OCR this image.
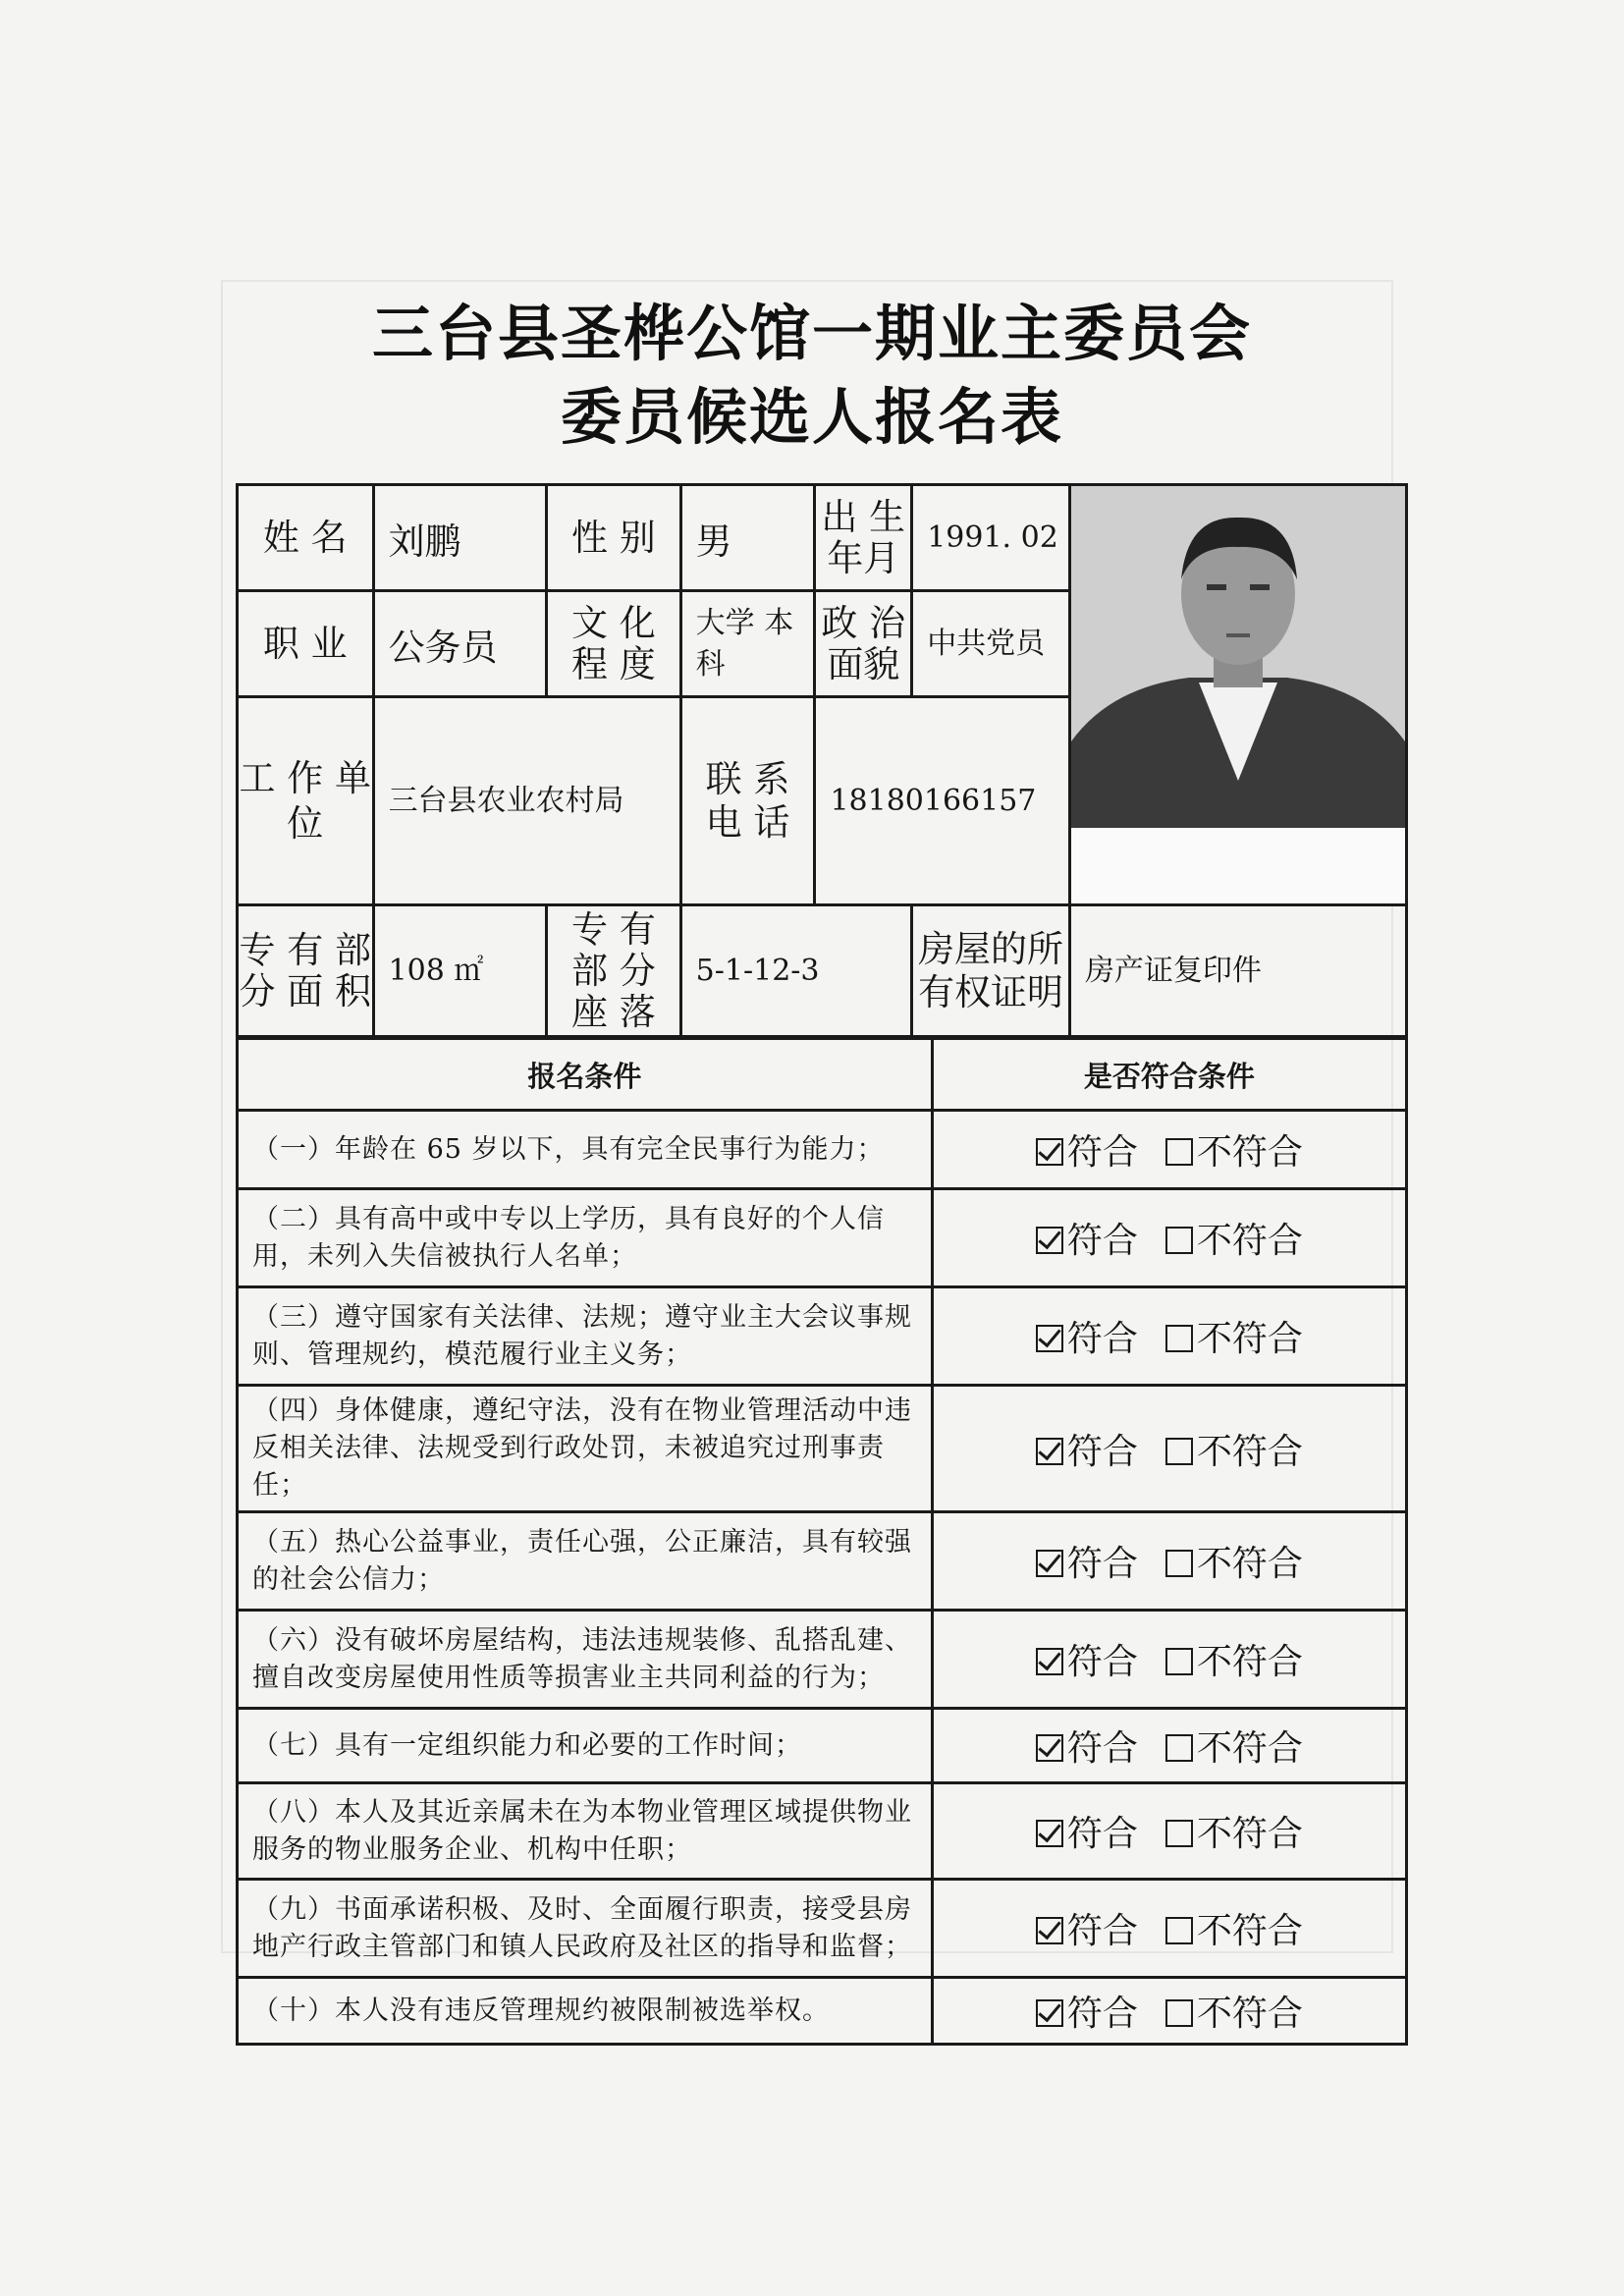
三台县圣桦公馆一期业主委员会
委员候选人报名表
姓 名	刘鹏	性 别	男	出 生 年月	1991. 02	

职 业	公务员	文 化 程 度	大学 本科	政 治 面貌	中共党员	
工 作 单 位	三台县农业农村局		联 系 电 话	18180166157		
专 有 部 分 面 积	108 ㎡	专 有 部 分 座 落	5-1-12-3		房屋的所 有权证明	房产证复印件
报名条件	是否符合条件
（一）年龄在 65 岁以下，具有完全民事行为能力；	符合 不符合
（二）具有高中或中专以上学历，具有良好的个人信用，未列入失信被执行人名单；	符合 不符合
（三）遵守国家有关法律、法规；遵守业主大会议事规则、管理规约，模范履行业主义务；	符合 不符合
（四）身体健康，遵纪守法，没有在物业管理活动中违反相关法律、法规受到行政处罚，未被追究过刑事责任；	符合 不符合
（五）热心公益事业，责任心强，公正廉洁，具有较强的社会公信力；	符合 不符合
（六）没有破坏房屋结构，违法违规装修、乱搭乱建、擅自改变房屋使用性质等损害业主共同利益的行为；	符合 不符合
（七）具有一定组织能力和必要的工作时间；	符合 不符合
（八）本人及其近亲属未在为本物业管理区域提供物业服务的物业服务企业、机构中任职；	符合 不符合
（九）书面承诺积极、及时、全面履行职责，接受县房地产行政主管部门和镇人民政府及社区的指导和监督；	符合 不符合
（十）本人没有违反管理规约被限制被选举权。	符合 不符合
